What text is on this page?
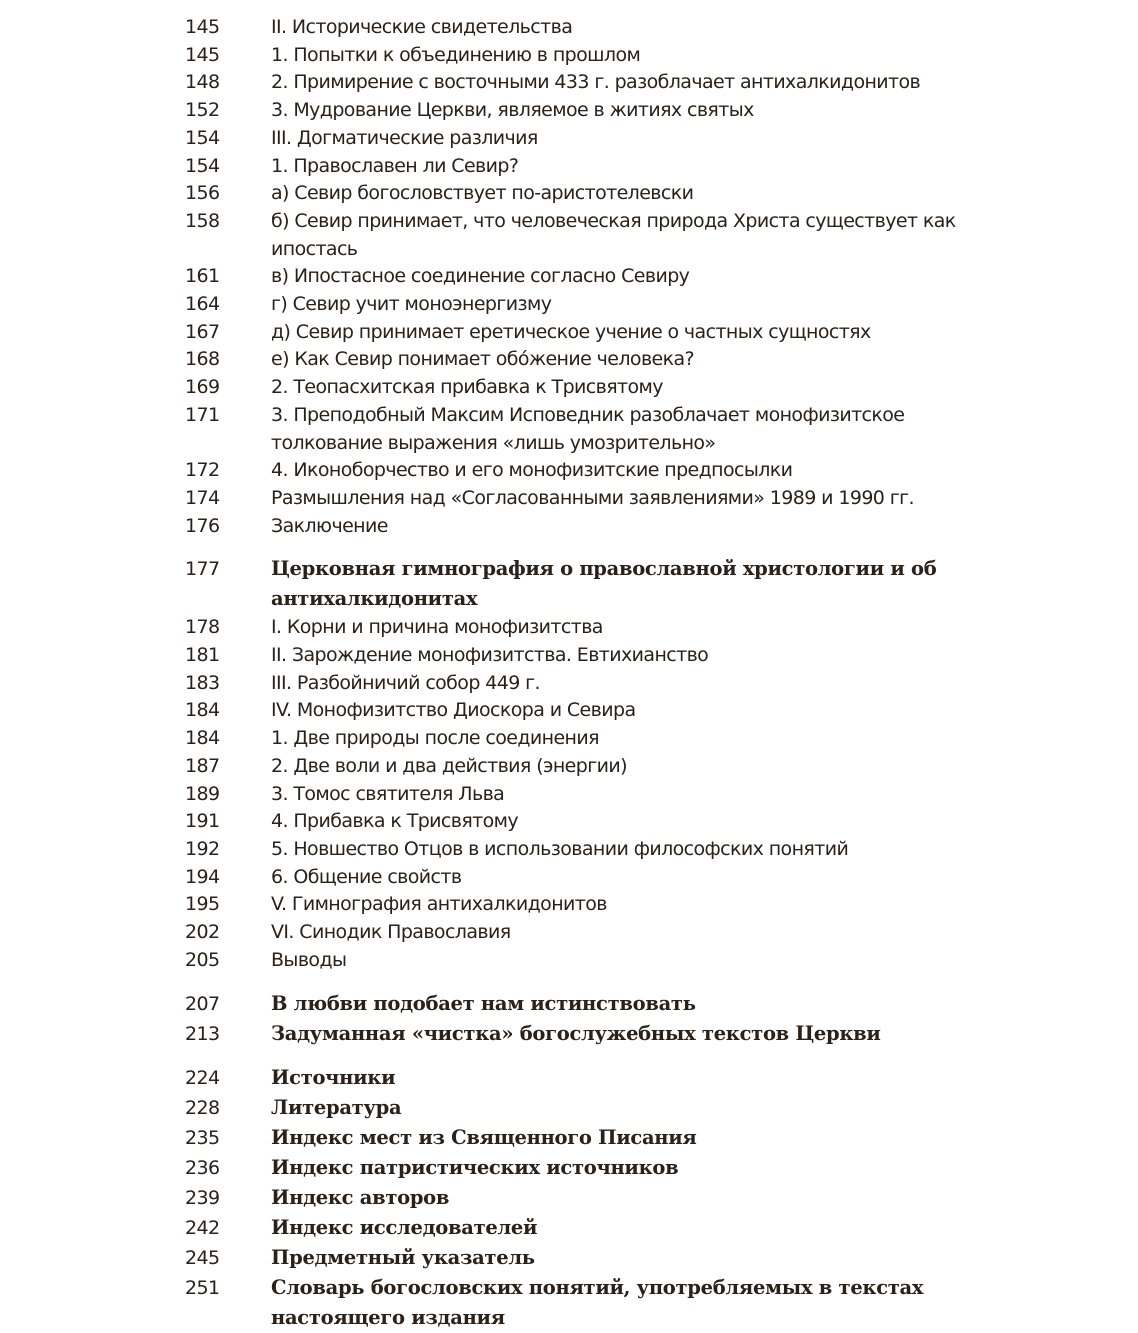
145	II. Исторические свидетельства
145	1. Попытки к объединению в прошлом
148	2. Примирение с восточными 433 г. разоблачает антихалкидонитов
152	3. Мудрование Церкви, являемое в житиях святых
154	III. Догматические различия
154	1. Православен ли Севир?
156	а) Севир богословствует по-аристотелевски
158	б) Севир принимает, что человеческая природа Христа существует как ипостась
161	в) Ипостасное соединение согласно Севиру
164	г) Севир учит моноэнергизму
167	д) Севир принимает еретическое учение о частных сущностях
168	е) Как Севир понимает обóжение человека?
169	2. Теопасхитская прибавка к Трисвятому
171	3. Преподобный Максим Исповедник разоблачает монофизитское толкование выражения «лишь умозрительно»
172	4. Иконоборчество и его монофизитские предпосылки
174	Размышления над «Согласованными заявлениями» 1989 и 1990 гг.
176	Заключение
177	Церковная гимнография о православной христологии и об антихалкидонитах
178	I. Корни и причина монофизитства
181	II. Зарождение монофизитства. Евтихианство
183	III. Разбойничий собор 449 г.
184	IV. Монофизитство Диоскора и Севира
184	1. Две природы после соединения
187	2. Две воли и два действия (энергии)
189	3. Томос святителя Льва
191	4. Прибавка к Трисвятому
192	5. Новшество Отцов в использовании философских понятий
194	6. Общение свойств
195	V. Гимнография антихалкидонитов
202	VI. Синодик Православия
205	Выводы
207	В любви подобает нам истинствовать
213	Задуманная «чистка» богослужебных текстов Церкви
224	Источники
228	Литература
235	Индекс мест из Священного Писания
236	Индекс патристических источников
239	Индекс авторов
242	Индекс исследователей
245	Предметный указатель
251	Словарь богословских понятий, употребляемых в текстах настоящего издания
